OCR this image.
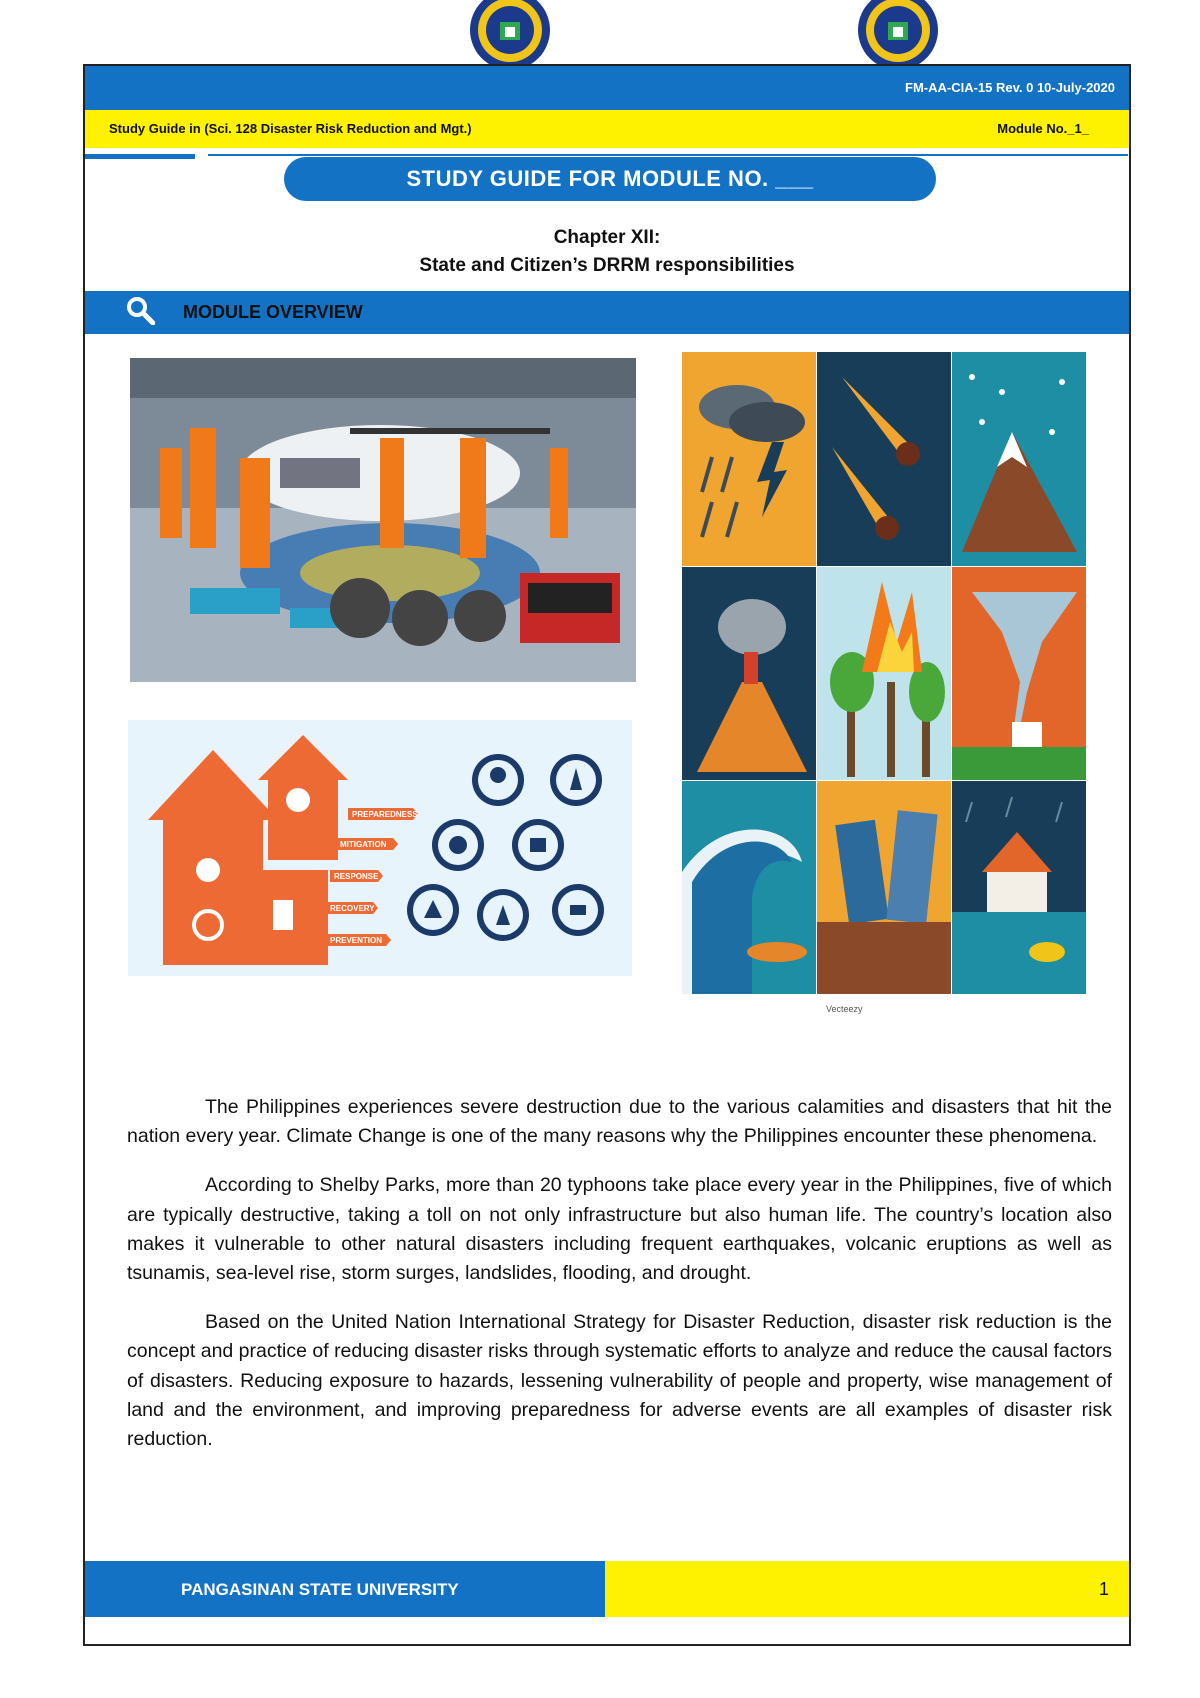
FM-AA-CIA-15 Rev. 0 10-July-2020
Study Guide in (Sci. 128 Disaster Risk Reduction and Mgt.)	Module No._1_
STUDY GUIDE FOR MODULE NO. ___
Chapter XII:
State and Citizen’s DRRM responsibilities
MODULE OVERVIEW
PREPAREDNESS
MITIGATION
RESPONSE
RECOVERY
PREVENTION
Vecteezy

The Philippines experiences severe destruction due to the various calamities and disasters that hit the nation every year. Climate Change is one of the many reasons why the Philippines encounter these phenomena.

According to Shelby Parks, more than 20 typhoons take place every year in the Philippines, five of which are typically destructive, taking a toll on not only infrastructure but also human life. The country’s location also makes it vulnerable to other natural disasters including frequent earthquakes, volcanic eruptions as well as tsunamis, sea-level rise, storm surges, landslides, flooding, and drought.

Based on the United Nation International Strategy for Disaster Reduction, disaster risk reduction is the concept and practice of reducing disaster risks through systematic efforts to analyze and reduce the causal factors of disasters. Reducing exposure to hazards, lessening vulnerability of people and property, wise management of land and the environment, and improving preparedness for adverse events are all examples of disaster risk reduction.

PANGASINAN STATE UNIVERSITY	1
